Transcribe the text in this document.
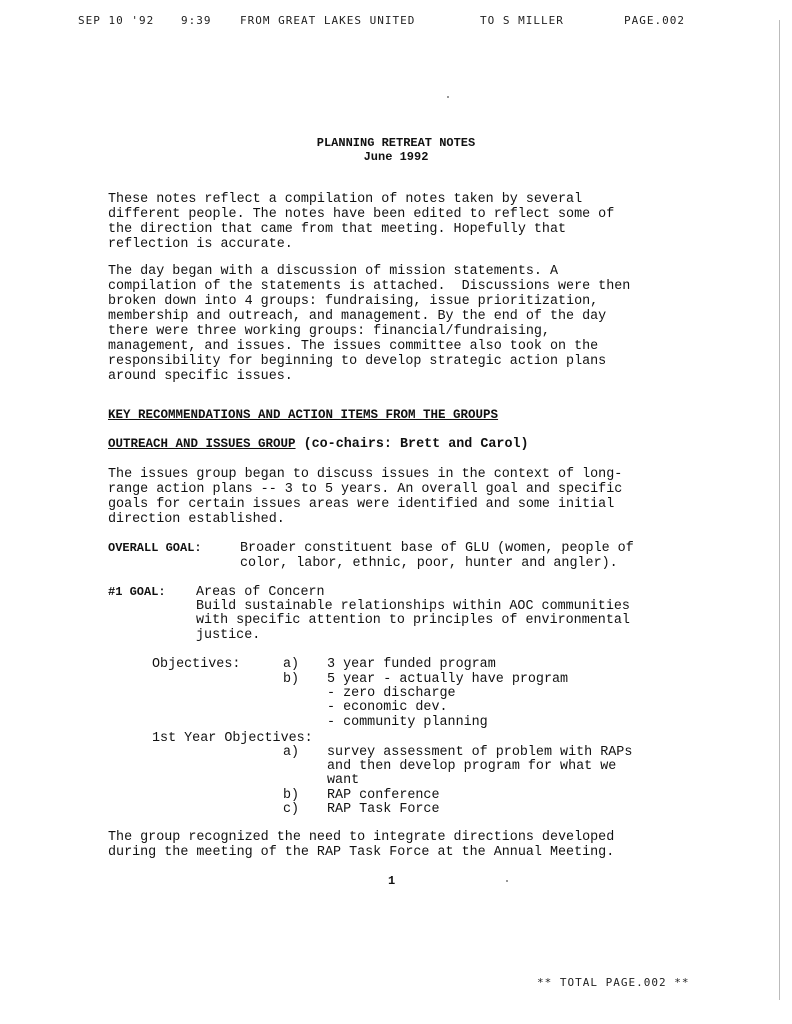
SEP 10 '92 9:39	FROM GREAT LAKES UNITED	TO S MILLER	PAGE.002
PLANNING RETREAT NOTES
June 1992
These notes reflect a compilation of notes taken by several
different people. The notes have been edited to reflect some of
the direction that came from that meeting. Hopefully that
reflection is accurate.
The day began with a discussion of mission statements. A
compilation of the statements is attached.  Discussions were then
broken down into 4 groups: fundraising, issue prioritization,
membership and outreach, and management. By the end of the day
there were three working groups: financial/fundraising,
management, and issues. The issues committee also took on the
responsibility for beginning to develop strategic action plans
around specific issues.
KEY RECOMMENDATIONS AND ACTION ITEMS FROM THE GROUPS
OUTREACH AND ISSUES GROUP (co-chairs: Brett and Carol)
The issues group began to discuss issues in the context of long-
range action plans -- 3 to 5 years. An overall goal and specific
goals for certain issues areas were identified and some initial
direction established.
OVERALL GOAL:	Broader constituent base of GLU (women, people of
color, labor, ethnic, poor, hunter and angler).
#1 GOAL: Areas of Concern
Build sustainable relationships within AOC communities
with specific attention to principles of environmental
justice.
Objectives:	a) 3 year funded program
b) 5 year - actually have program
- zero discharge
- economic dev.
- community planning
1st Year Objectives:
a) survey assessment of problem with RAPs
and then develop program for what we
want
b) RAP conference
c) RAP Task Force
The group recognized the need to integrate directions developed
during the meeting of the RAP Task Force at the Annual Meeting.
1
** TOTAL PAGE.002 **
